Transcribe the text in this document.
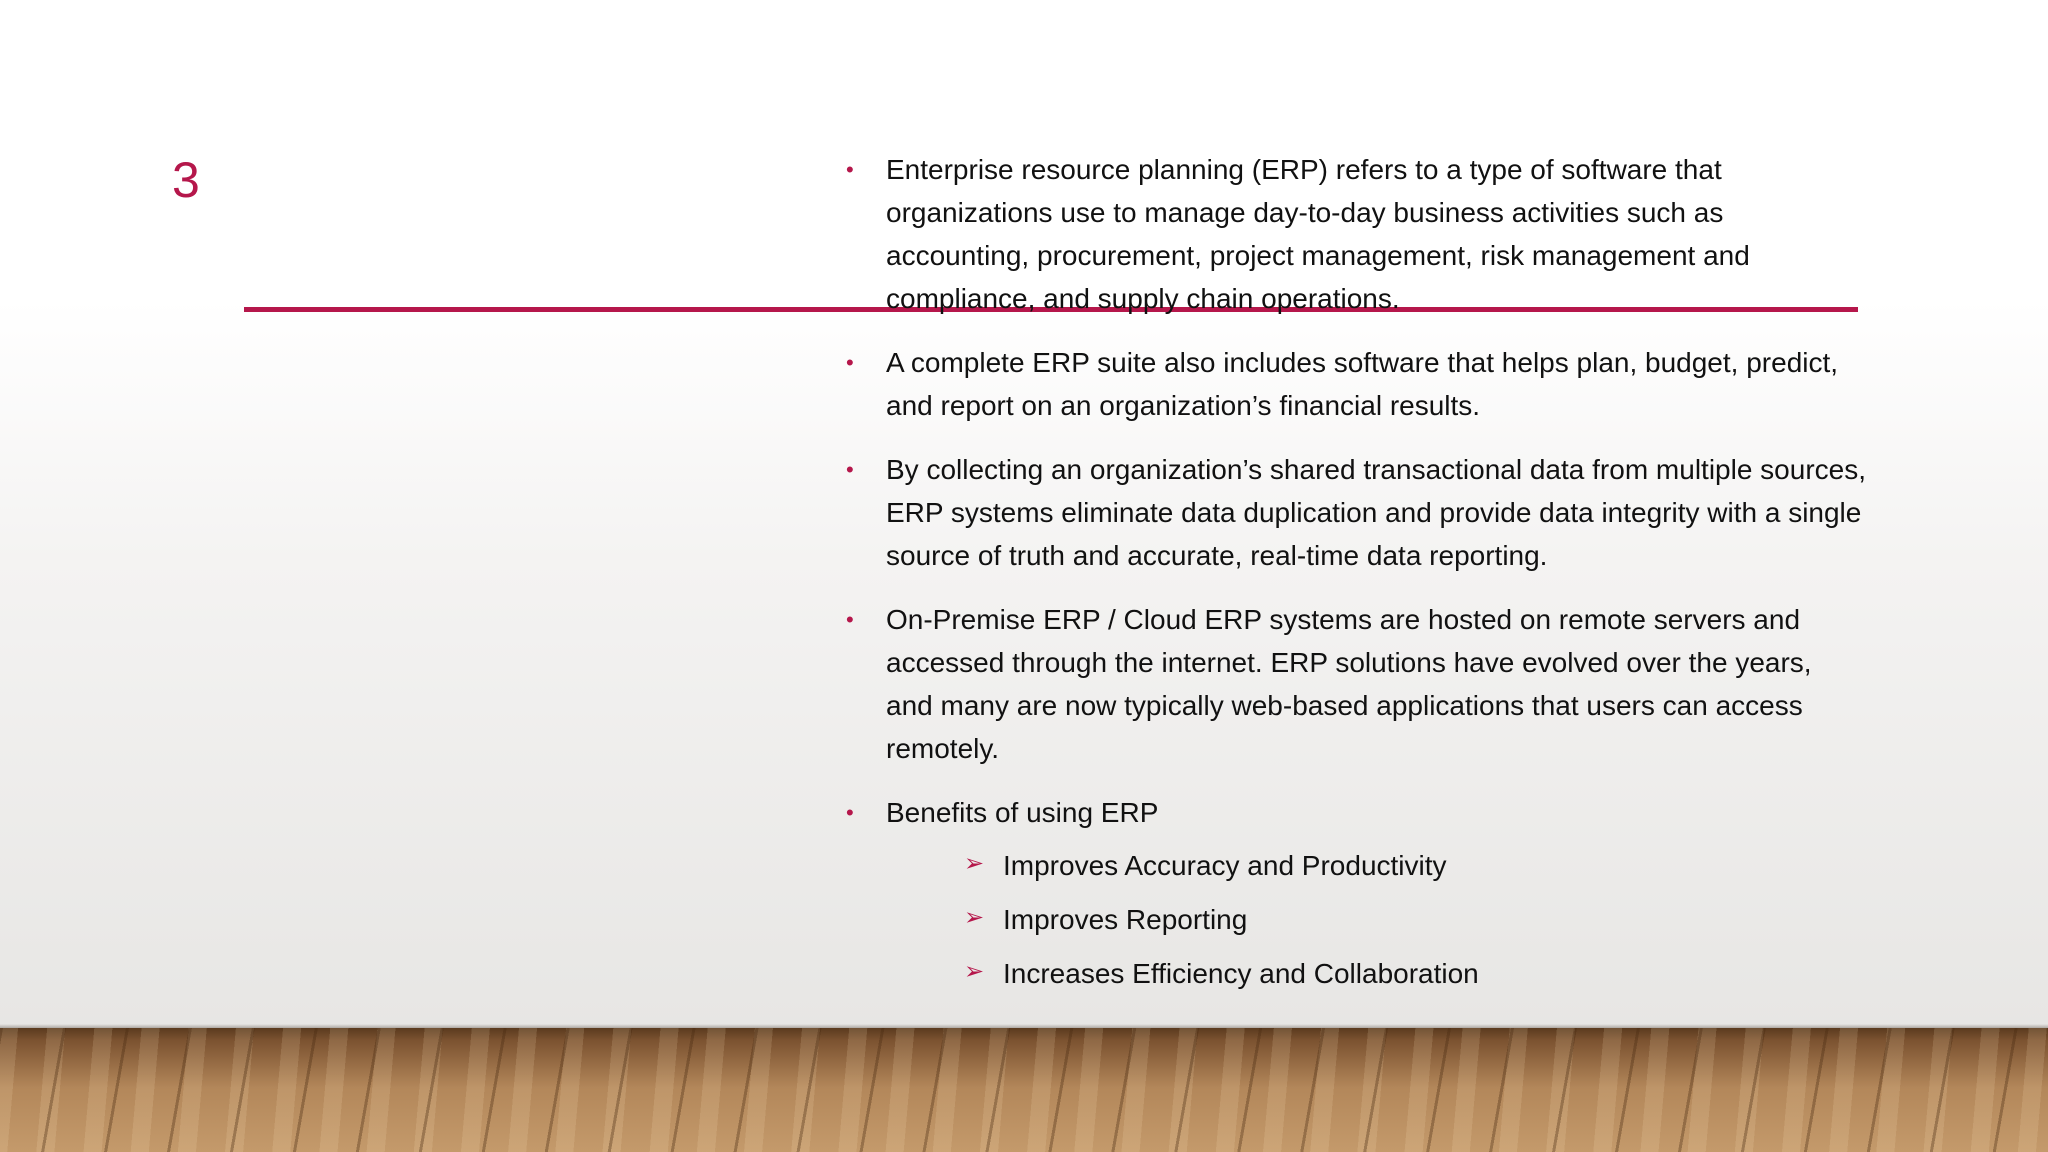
3	• Enterprise resource planning (ERP) refers to a type of software that organizations use to manage day-to-day business activities such as accounting, procurement, project management, risk management and compliance, and supply chain operations.
• A complete ERP suite also includes software that helps plan, budget, predict, and report on an organization’s financial results.
• By collecting an organization’s shared transactional data from multiple sources, ERP systems eliminate data duplication and provide data integrity with a single source of truth and accurate, real-time data reporting.
• On-Premise ERP / Cloud ERP systems are hosted on remote servers and accessed through the internet. ERP solutions have evolved over the years, and many are now typically web-based applications that users can access remotely.
• Benefits of using ERP
➢ Improves Accuracy and Productivity
➢ Improves Reporting
➢ Increases Efficiency and Collaboration
